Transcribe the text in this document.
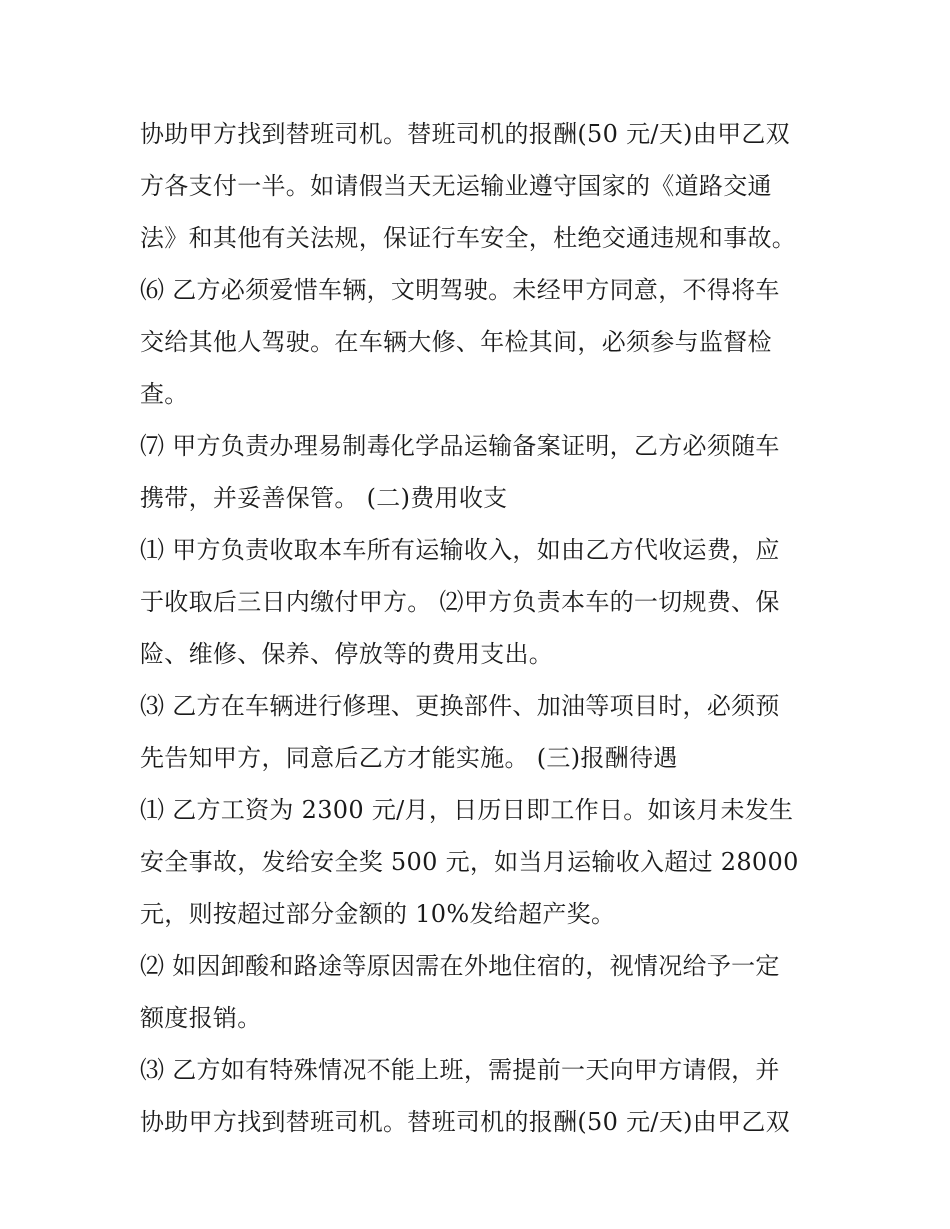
协助甲方找到替班司机。替班司机的报酬(50 元/天)由甲乙双
方各支付一半。如请假当天无运输业遵守国家的《道路交通
法》和其他有关法规，保证行车安全，杜绝交通违规和事故。
⑹ 乙方必须爱惜车辆，文明驾驶。未经甲方同意，不得将车
交给其他人驾驶。在车辆大修、年检其间，必须参与监督检
查。
⑺ 甲方负责办理易制毒化学品运输备案证明，乙方必须随车
携带，并妥善保管。 (二)费用收支
⑴ 甲方负责收取本车所有运输收入，如由乙方代收运费，应
于收取后三日内缴付甲方。 ⑵甲方负责本车的一切规费、保
险、维修、保养、停放等的费用支出。
⑶ 乙方在车辆进行修理、更换部件、加油等项目时，必须预
先告知甲方，同意后乙方才能实施。 (三)报酬待遇
⑴ 乙方工资为 2300 元/月，日历日即工作日。如该月未发生
安全事故，发给安全奖 500 元，如当月运输收入超过 28000
元，则按超过部分金额的 10%发给超产奖。
⑵ 如因卸酸和路途等原因需在外地住宿的，视情况给予一定
额度报销。
⑶ 乙方如有特殊情况不能上班，需提前一天向甲方请假，并
协助甲方找到替班司机。替班司机的报酬(50 元/天)由甲乙双
